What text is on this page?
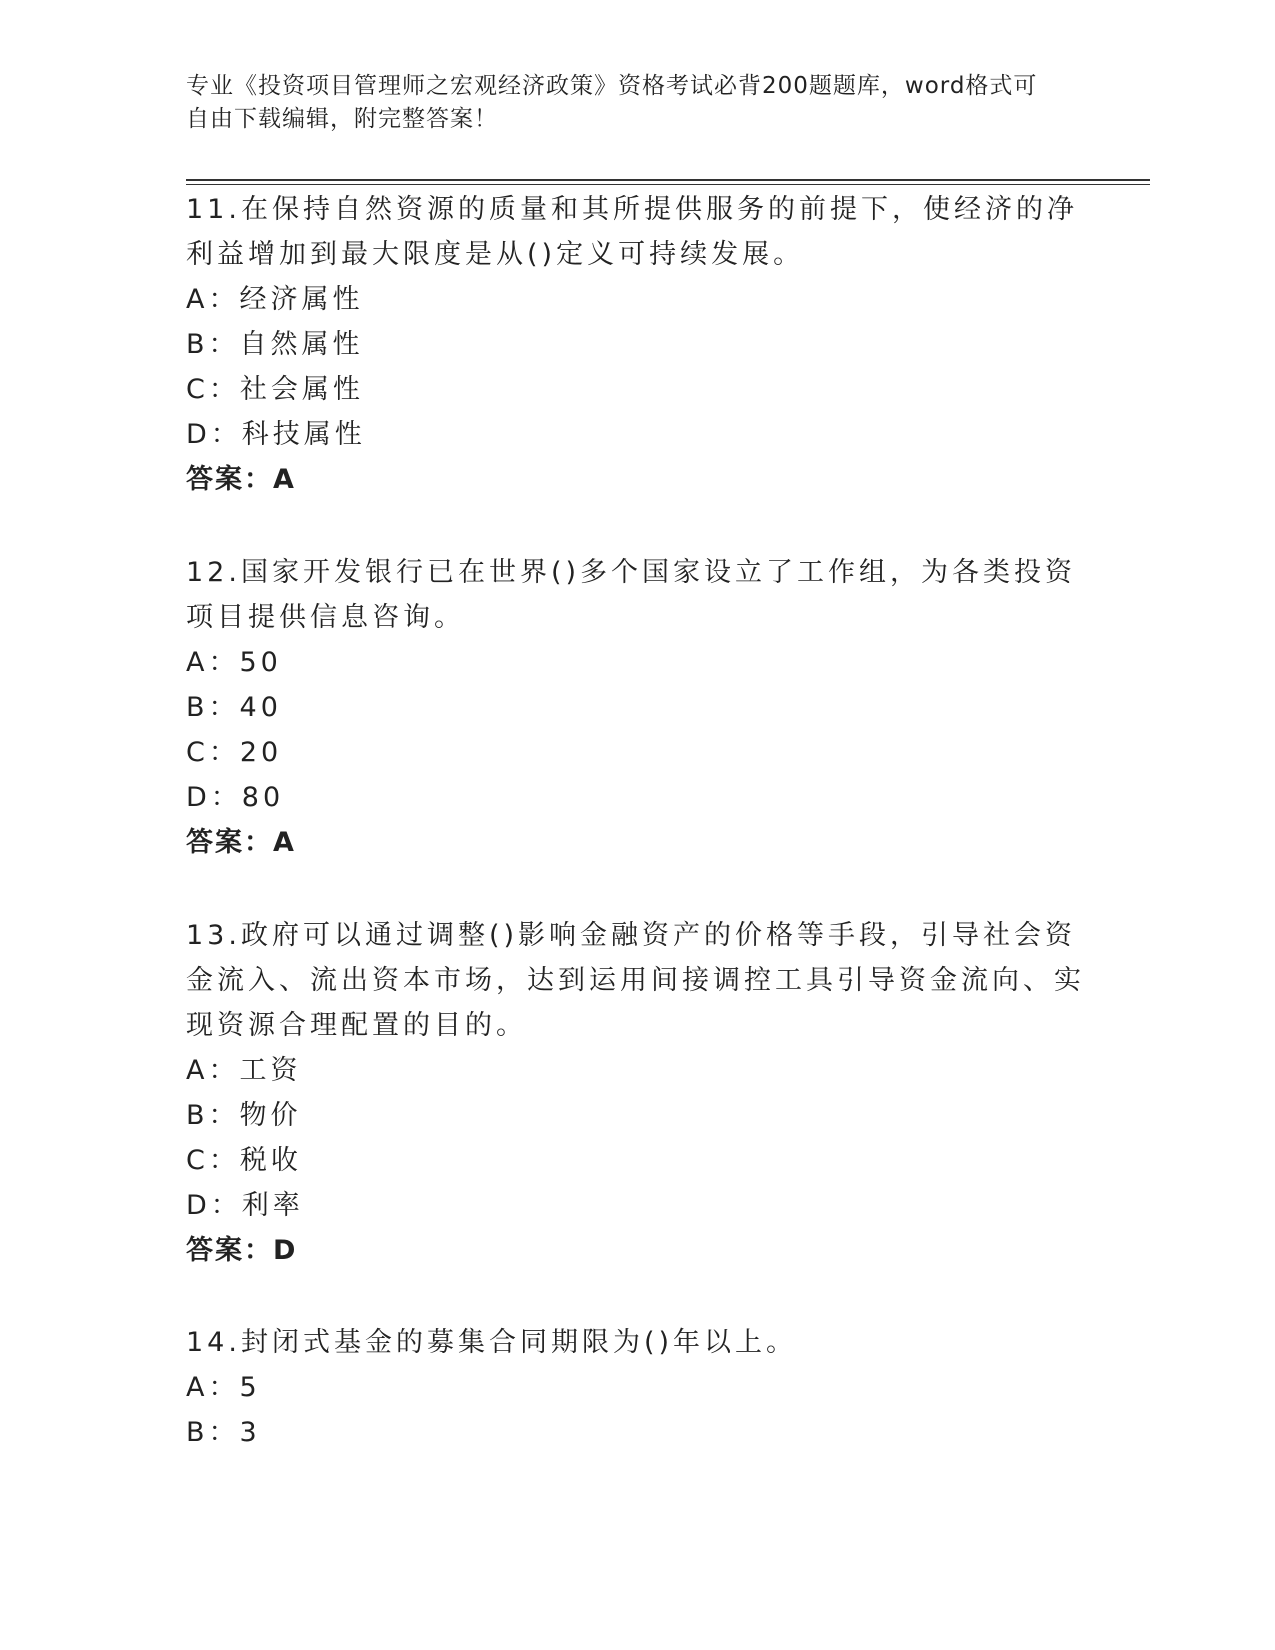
专业《投资项目管理师之宏观经济政策》资格考试必背200题题库，word格式可
自由下载编辑，附完整答案！

11.在保持自然资源的质量和其所提供服务的前提下，使经济的净利益增加到最大限度是从()定义可持续发展。

A：经济属性

B：自然属性

C：社会属性

D：科技属性

答案：A

12.国家开发银行已在世界()多个国家设立了工作组，为各类投资项目提供信息咨询。

A：50

B：40

C：20

D：80

答案：A

13.政府可以通过调整()影响金融资产的价格等手段，引导社会资金流入、流出资本市场，达到运用间接调控工具引导资金流向、实现资源合理配置的目的。

A：工资

B：物价

C：税收

D：利率

答案：D

14.封闭式基金的募集合同期限为()年以上。

A：5

B：3
